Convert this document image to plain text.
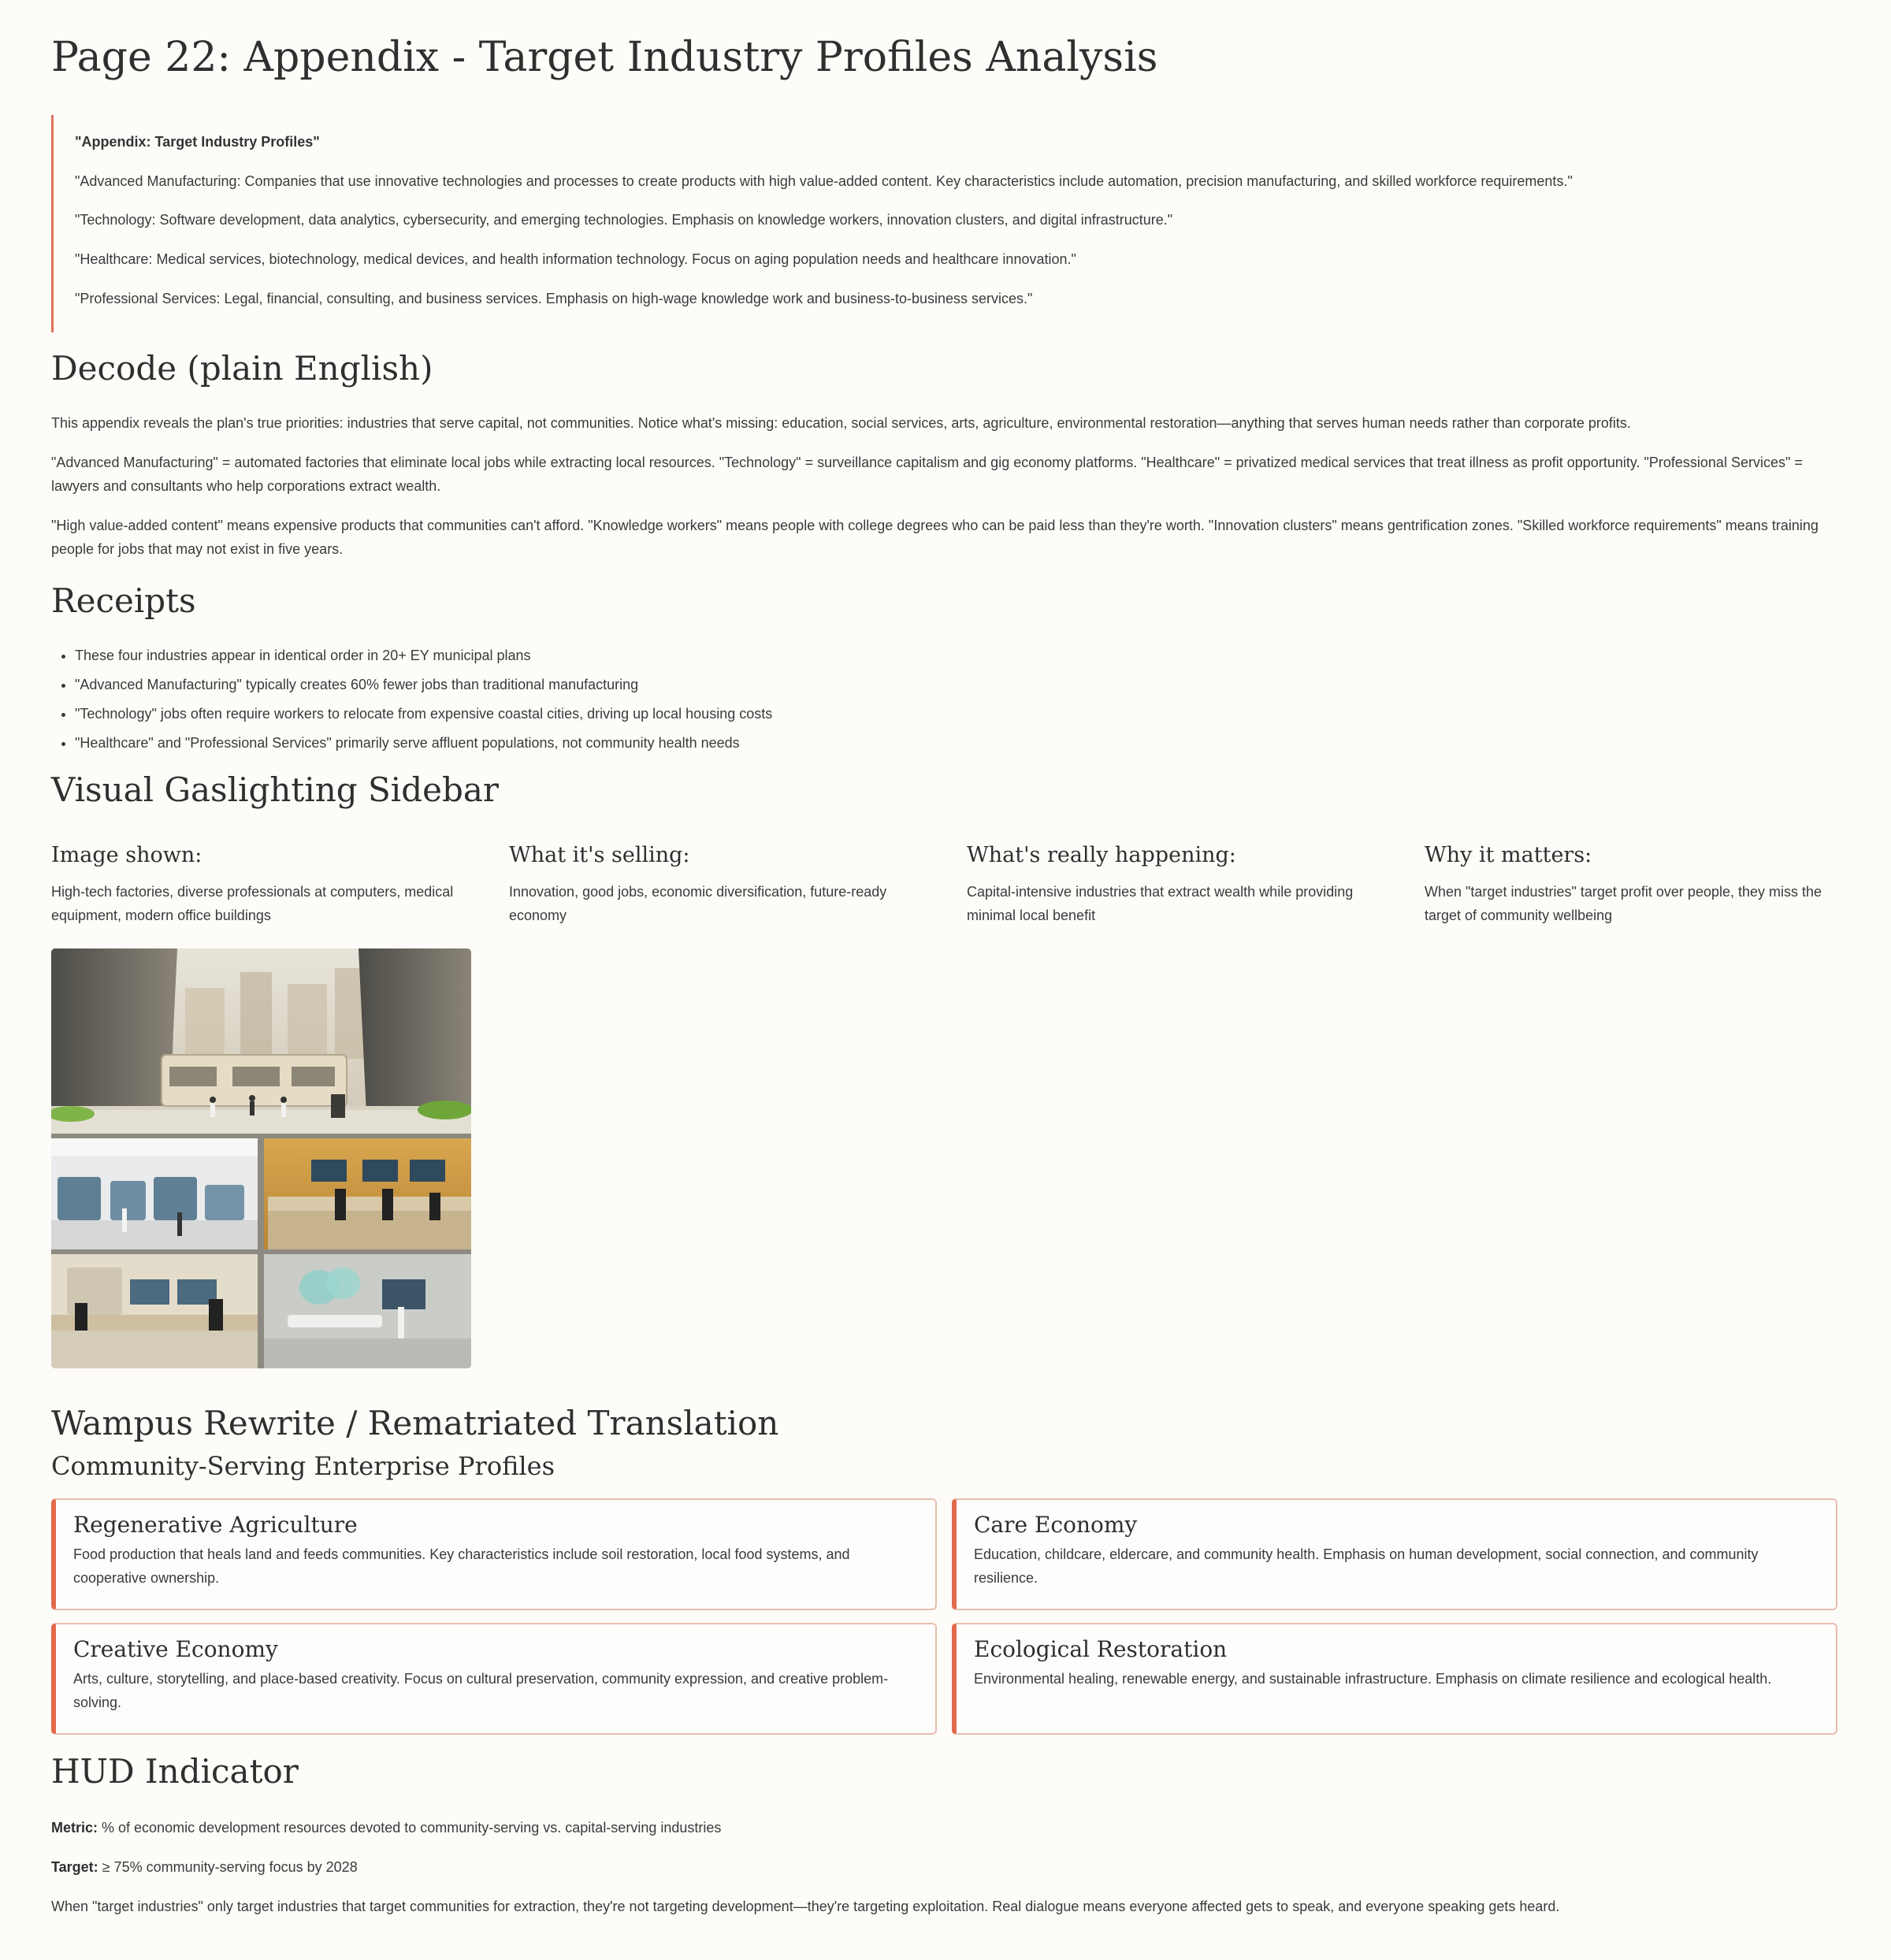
Page 22: Appendix - Target Industry Profiles Analysis

"Appendix: Target Industry Profiles"

"Advanced Manufacturing: Companies that use innovative technologies and processes to create products with high value-added content. Key characteristics include automation, precision manufacturing, and skilled workforce requirements."

"Technology: Software development, data analytics, cybersecurity, and emerging technologies. Emphasis on knowledge workers, innovation clusters, and digital infrastructure."

"Healthcare: Medical services, biotechnology, medical devices, and health information technology. Focus on aging population needs and healthcare innovation."

"Professional Services: Legal, financial, consulting, and business services. Emphasis on high-wage knowledge work and business-to-business services."

Decode (plain English)

This appendix reveals the plan's true priorities: industries that serve capital, not communities. Notice what's missing: education, social services, arts, agriculture, environmental restoration—anything that serves human needs rather than corporate profits.

"Advanced Manufacturing" = automated factories that eliminate local jobs while extracting local resources. "Technology" = surveillance capitalism and gig economy platforms. "Healthcare" = privatized medical services that treat illness as profit opportunity. "Professional Services" = lawyers and consultants who help corporations extract wealth.

"High value-added content" means expensive products that communities can't afford. "Knowledge workers" means people with college degrees who can be paid less than they're worth. "Innovation clusters" means gentrification zones. "Skilled workforce requirements" means training people for jobs that may not exist in five years.

Receipts
• These four industries appear in identical order in 20+ EY municipal plans
• "Advanced Manufacturing" typically creates 60% fewer jobs than traditional manufacturing
• "Technology" jobs often require workers to relocate from expensive coastal cities, driving up local housing costs
• "Healthcare" and "Professional Services" primarily serve affluent populations, not community health needs
Visual Gaslighting Sidebar
Image shown:

High-tech factories, diverse professionals at computers, medical equipment, modern office buildings

What it's selling:

Innovation, good jobs, economic diversification, future-ready economy

What's really happening:

Capital-intensive industries that extract wealth while providing minimal local benefit

Why it matters:

When "target industries" target profit over people, they miss the target of community wellbeing

Wampus Rewrite / Rematriated Translation
Community-Serving Enterprise Profiles
Regenerative Agriculture

Food production that heals land and feeds communities. Key characteristics include soil restoration, local food systems, and cooperative ownership.

Care Economy

Education, childcare, eldercare, and community health. Emphasis on human development, social connection, and community resilience.

Creative Economy

Arts, culture, storytelling, and place-based creativity. Focus on cultural preservation, community expression, and creative problem-solving.

Ecological Restoration

Environmental healing, renewable energy, and sustainable infrastructure. Emphasis on climate resilience and ecological health.

HUD Indicator

Metric: % of economic development resources devoted to community-serving vs. capital-serving industries

Target: ≥ 75% community-serving focus by 2028

When "target industries" only target industries that target communities for extraction, they're not targeting development—they're targeting exploitation. Real dialogue means everyone affected gets to speak, and everyone speaking gets heard.
